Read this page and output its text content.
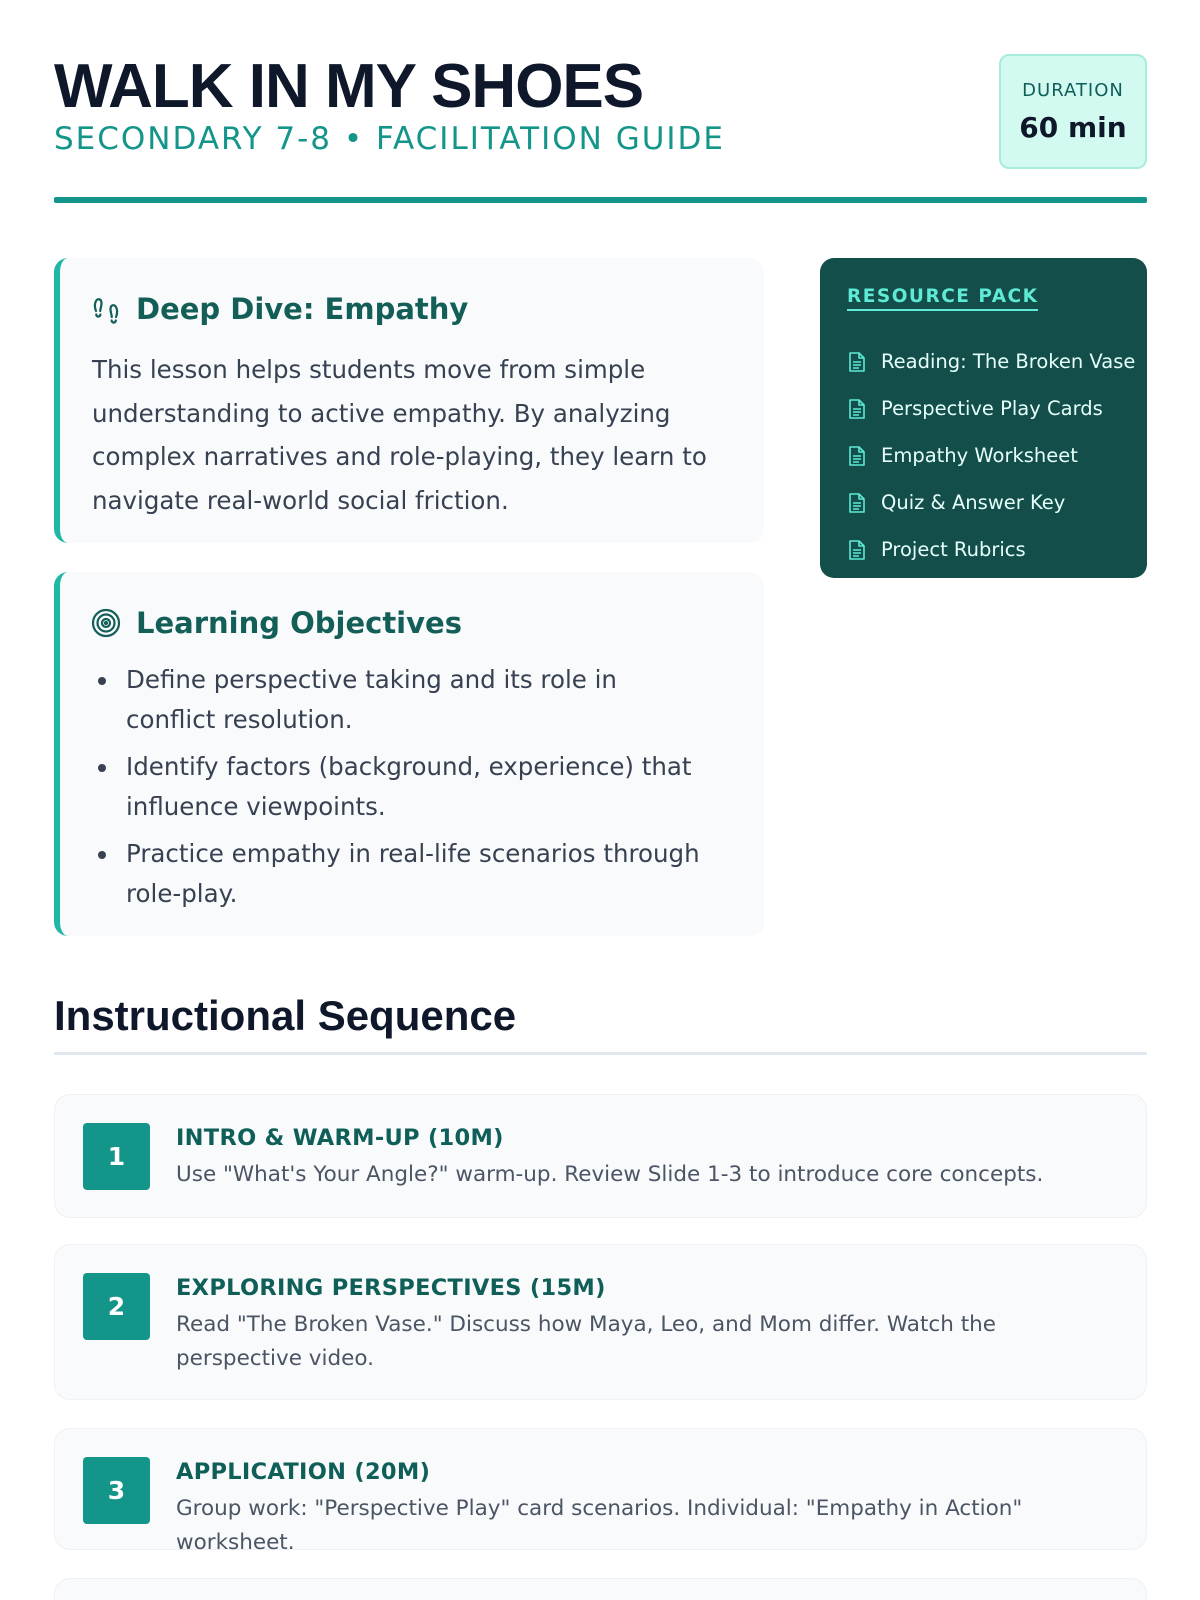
WALK IN MY SHOES
SECONDARY 7-8 • FACILITATION GUIDE
DURATION
60 min
Deep Dive: Empathy
This lesson helps students move from simple understanding to active empathy. By analyzing complex narratives and role-playing, they learn to navigate real-world social friction.
Learning Objectives
Define perspective taking and its role in conflict resolution.
Identify factors (background, experience) that influence viewpoints.
Practice empathy in real-life scenarios through role-play.
RESOURCE PACK
Reading: The Broken Vase
Perspective Play Cards
Empathy Worksheet
Quiz & Answer Key
Project Rubrics
Instructional Sequence
1
INTRO & WARM-UP (10M)
Use "What's Your Angle?" warm-up. Review Slide 1-3 to introduce core concepts.
2
EXPLORING PERSPECTIVES (15M)
Read "The Broken Vase." Discuss how Maya, Leo, and Mom differ. Watch the perspective video.
3
APPLICATION (20M)
Group work: "Perspective Play" card scenarios. Individual: "Empathy in Action" worksheet.
